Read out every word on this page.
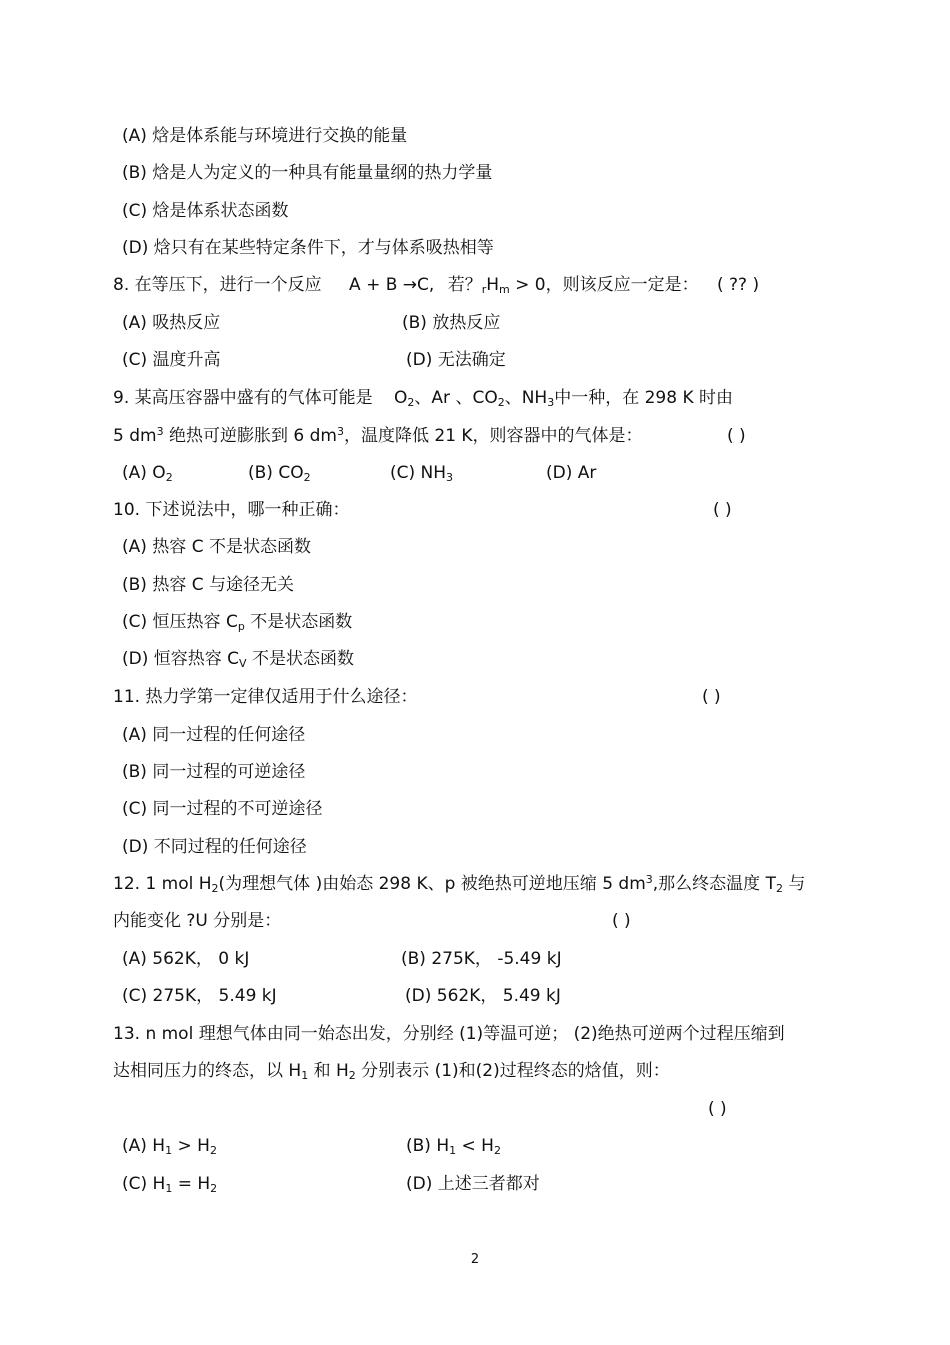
(A) 焓是体系能与环境进行交换的能量
(B) 焓是人为定义的一种具有能量量纲的热力学量
(C) 焓是体系状态函数
(D) 焓只有在某些特定条件下，才与体系吸热相等
8. 在等压下，进行一个反应 A + B →C, 若？$_rH_m > 0$，则该反应一定是： ( ?? )
(A) 吸热反应	(B) 放热反应
(C) 温度升高	(D) 无法确定
9. 某高压容器中盛有的气体可能是 $O_2$、Ar 、$CO_2$、$NH_3$中一种，在 298 K 时由
5 $dm^3$ 绝热可逆膨胀到 6 $dm^3$，温度降低 21 K，则容器中的气体是：	( )
(A) $O_2$	(B) $CO_2$	(C) $NH_3$	(D) Ar
10. 下述说法中，哪一种正确：	( )
(A) 热容 C 不是状态函数
(B) 热容 C 与途径无关
(C) 恒压热容 $C_p$ 不是状态函数
(D) 恒容热容 $C_V$ 不是状态函数
11. 热力学第一定律仅适用于什么途径：	( )
(A) 同一过程的任何途径
(B) 同一过程的可逆途径
(C) 同一过程的不可逆途径
(D) 不同过程的任何途径
12. 1 mol $H_2$(为理想气体 )由始态 298 K、p 被绝热可逆地压缩 5 $dm^3$,那么终态温度 $T_2$ 与
内能变化 ?U 分别是：	( )
(A) 562K， 0 kJ	(B) 275K， -5.49 kJ
(C) 275K， 5.49 kJ	(D) 562K， 5.49 kJ
13. n mol 理想气体由同一始态出发，分别经 (1)等温可逆； (2)绝热可逆两个过程压缩到
达相同压力的终态，以 $H_1$ 和 $H_2$ 分别表示 (1)和(2)过程终态的焓值，则：
( )
(A) $H_1 > H_2$	(B) $H_1 < H_2$
(C) $H_1 = H_2$	(D) 上述三者都对
2
